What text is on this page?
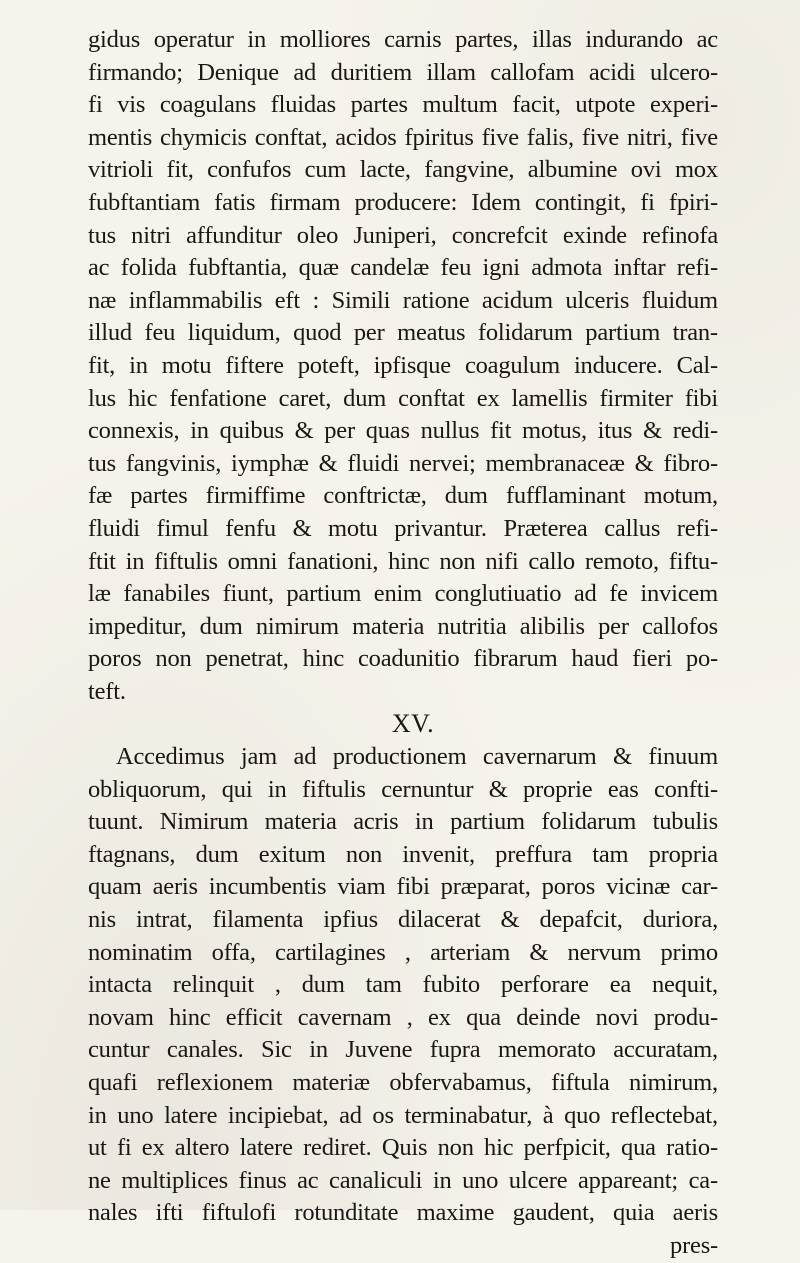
gidus operatur in molliores carnis partes, illas indurando ac
firmando; Denique ad duritiem illam callofam acidi ulcero-
fi vis coagulans fluidas partes multum facit, utpote experi-
mentis chymicis conftat, acidos fpiritus five falis, five nitri, five
vitrioli fit, confufos cum lacte, fangvine, albumine ovi mox
fubftantiam fatis firmam producere: Idem contingit, fi fpiri-
tus nitri affunditur oleo Juniperi, concrefcit exinde refinofa
ac folida fubftantia, quæ candelæ feu igni admota inftar refi-
næ inflammabilis eft : Simili ratione acidum ulceris fluidum
illud feu liquidum, quod per meatus folidarum partium tran-
fit, in motu fiftere poteft, ipfisque coagulum inducere. Cal-
lus hic fenfatione caret, dum conftat ex lamellis firmiter fibi
connexis, in quibus & per quas nullus fit motus, itus & redi-
tus fangvinis, iymphæ & fluidi nervei; membranaceæ & fibro-
fæ partes firmiffime conftrictæ, dum fufflaminant motum,
fluidi fimul fenfu & motu privantur. Præterea callus refi-
ftit in fiftulis omni fanationi, hinc non nifi callo remoto, fiftu-
læ fanabiles fiunt, partium enim conglutiuatio ad fe invicem
impeditur, dum nimirum materia nutritia alibilis per callofos
poros non penetrat, hinc coadunitio fibrarum haud fieri po-
teft.
XV.
Accedimus jam ad productionem cavernarum & finuum
obliquorum, qui in fiftulis cernuntur & proprie eas confti-
tuunt. Nimirum materia acris in partium folidarum tubulis
ftagnans, dum exitum non invenit, preffura tam propria
quam aeris incumbentis viam fibi præparat, poros vicinæ car-
nis intrat, filamenta ipfius dilacerat & depafcit, duriora,
nominatim offa, cartilagines , arteriam & nervum primo
intacta relinquit , dum tam fubito perforare ea nequit,
novam hinc efficit cavernam , ex qua deinde novi produ-
cuntur canales. Sic in Juvene fupra memorato accuratam,
quafi reflexionem materiæ obfervabamus, fiftula nimirum,
in uno latere incipiebat, ad os terminabatur, à quo reflectebat,
ut fi ex altero latere rediret. Quis non hic perfpicit, qua ratio-
ne multiplices finus ac canaliculi in uno ulcere appareant; ca-
nales ifti fiftulofi rotunditate maxime gaudent, quia aeris
pres-
